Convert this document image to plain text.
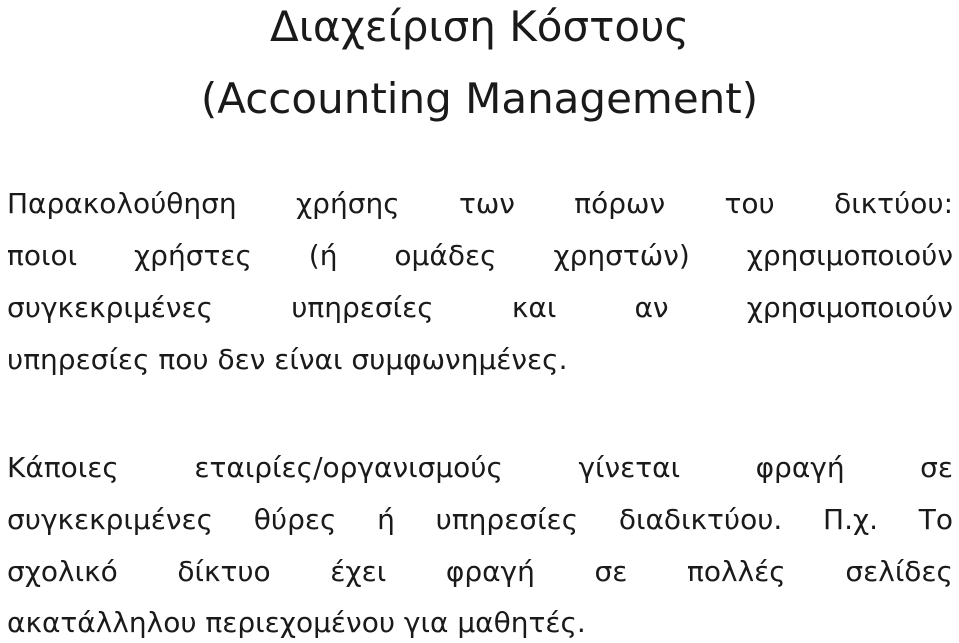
Διαχείριση Κόστους
(Accounting Management)
Παρακολούθηση χρήσης των πόρων του δικτύου:
ποιοι χρήστες (ή ομάδες χρηστών) χρησιμοποιούν
συγκεκριμένες υπηρεσίες και αν χρησιμοποιούν
υπηρεσίες που δεν είναι συμφωνημένες.
Κάποιες εταιρίες/οργανισμούς γίνεται φραγή σε
συγκεκριμένες θύρες ή υπηρεσίες διαδικτύου. Π.χ. Το
σχολικό δίκτυο έχει φραγή σε πολλές σελίδες
ακατάλληλου περιεχομένου για μαθητές.
